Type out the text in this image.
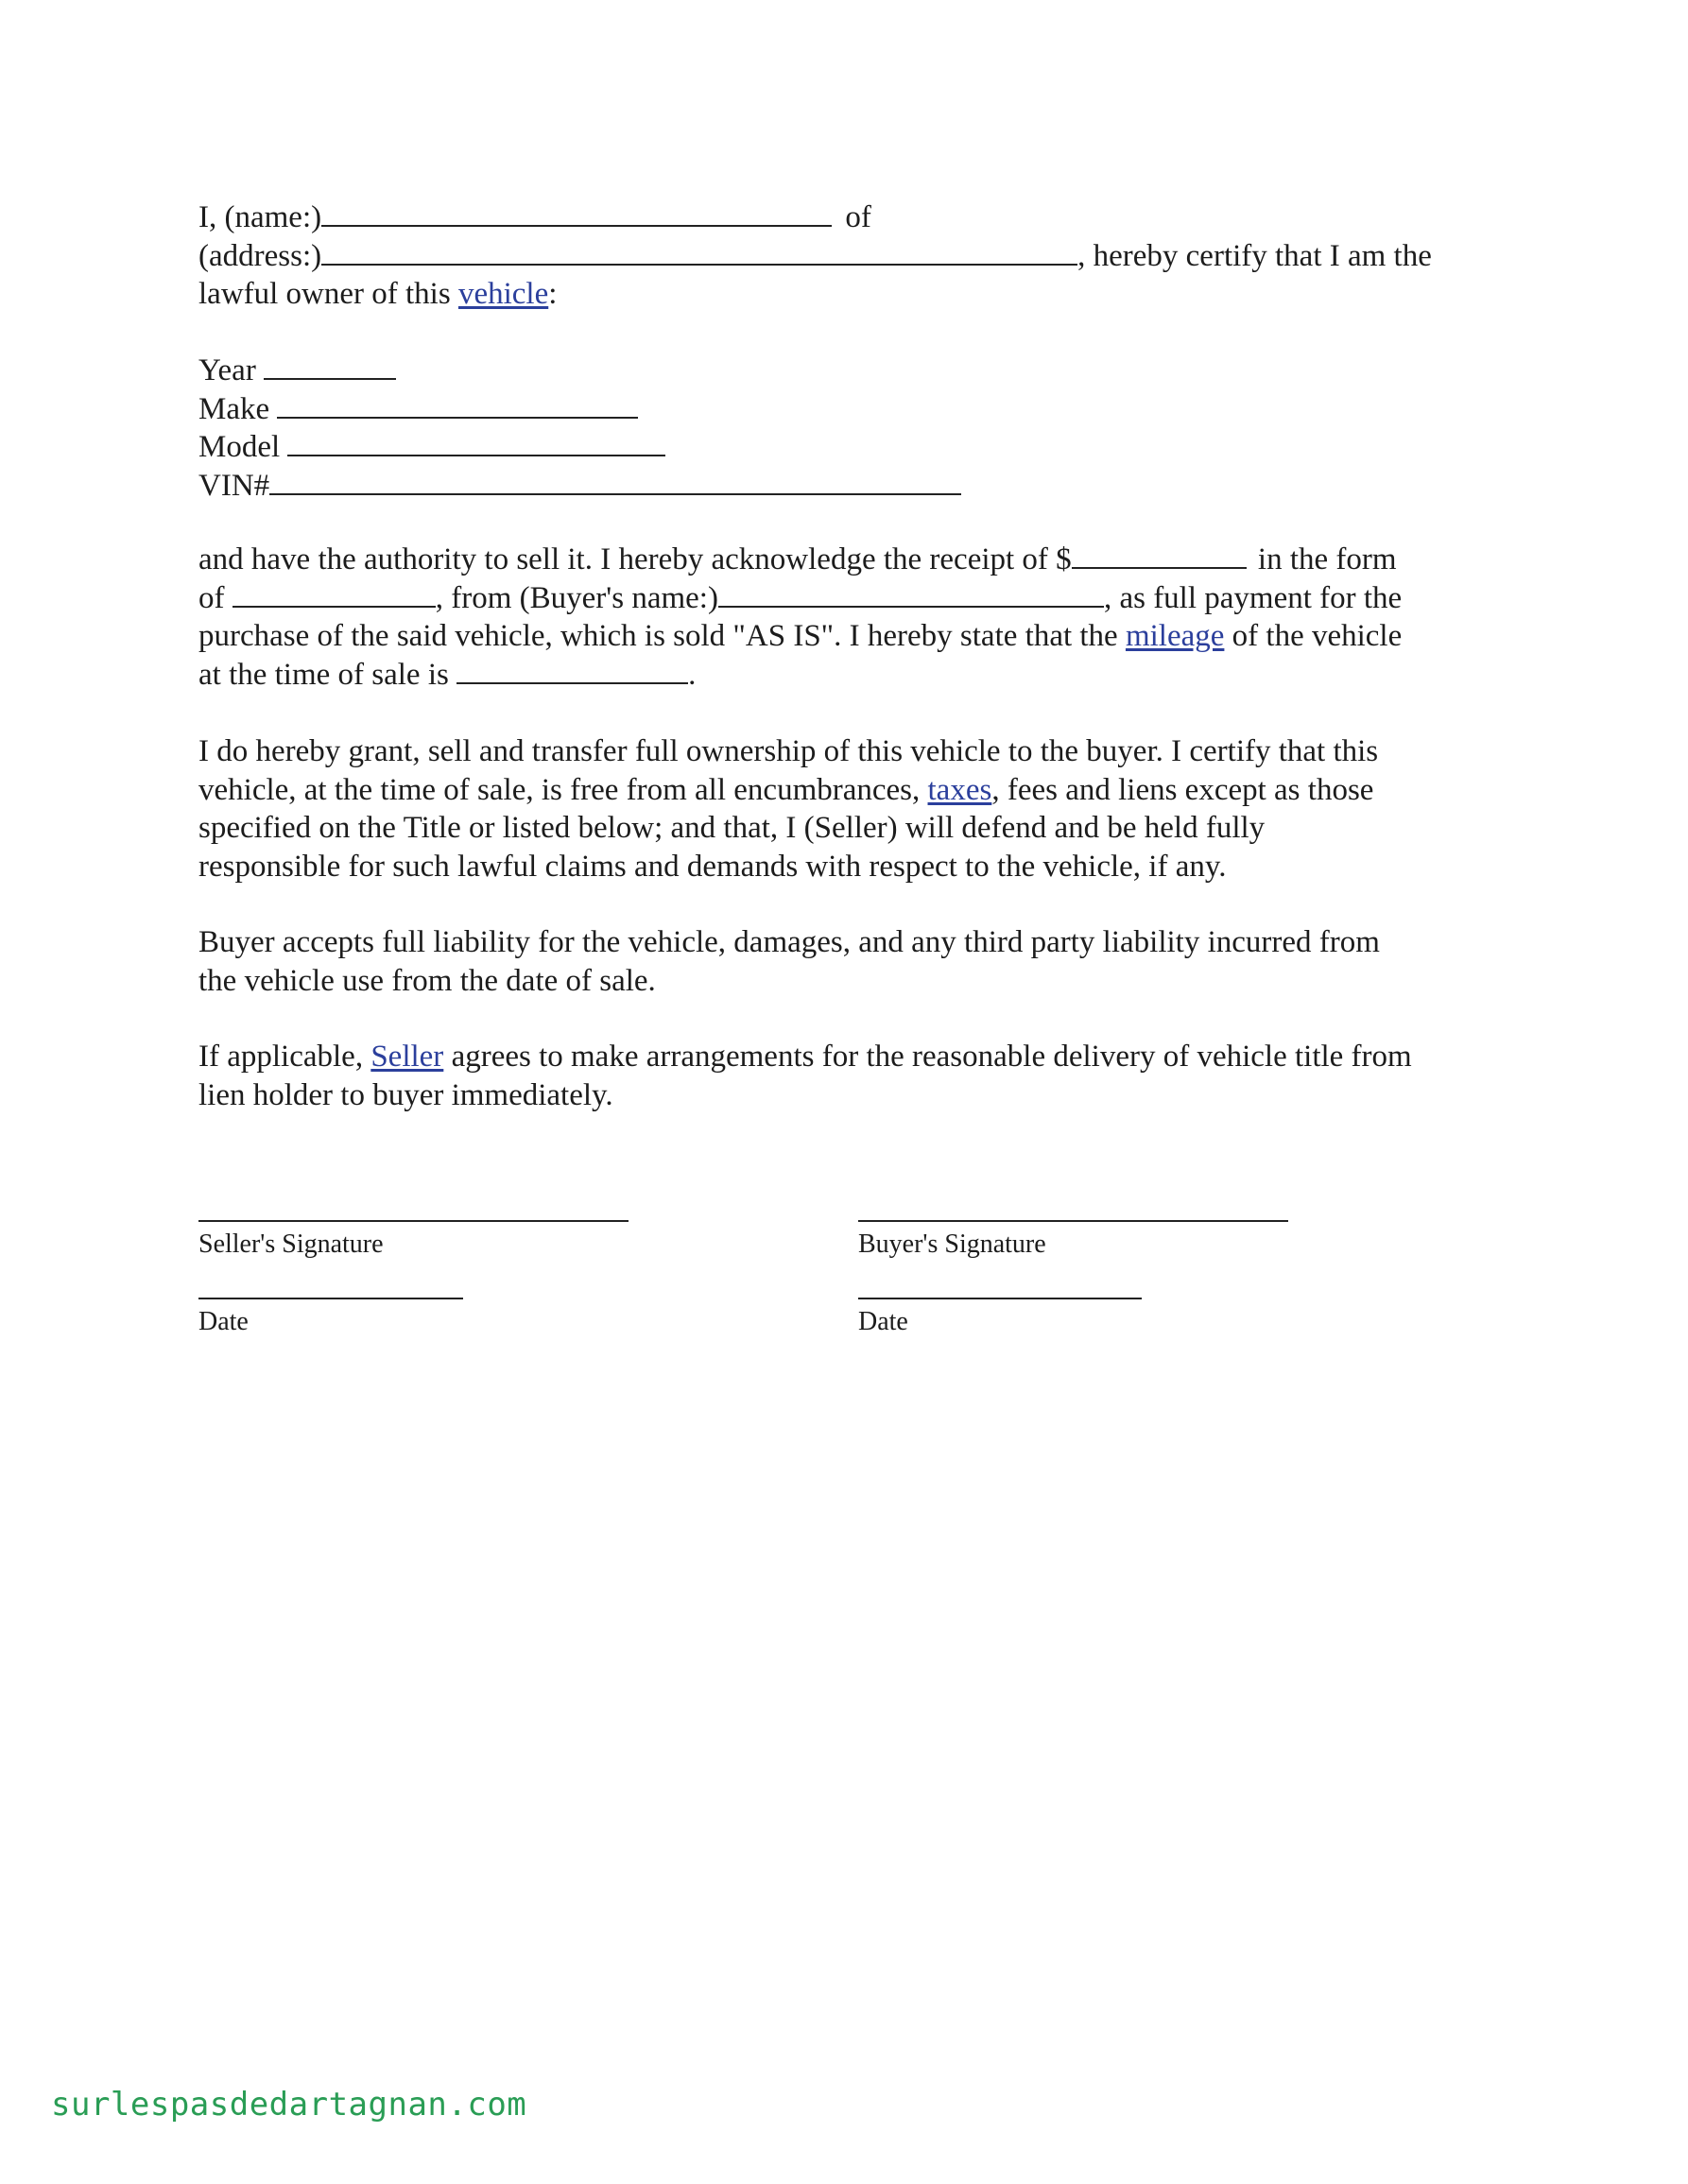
I, (name:)	of
(address:)	, hereby certify that I am the
lawful owner of this vehicle:
Year
Make
Model
VIN#
and have the authority to sell it. I hereby acknowledge the receipt of $	in the form
of	, from (Buyer's name:)	, as full payment for the
purchase of the said vehicle, which is sold "AS IS". I hereby state that the mileage of the vehicle
at the time of sale is	.
I do hereby grant, sell and transfer full ownership of this vehicle to the buyer. I certify that this
vehicle, at the time of sale, is free from all encumbrances, taxes, fees and liens except as those
specified on the Title or listed below; and that, I (Seller) will defend and be held fully
responsible for such lawful claims and demands with respect to the vehicle, if any.
Buyer accepts full liability for the vehicle, damages, and any third party liability incurred from
the vehicle use from the date of sale.
If applicable, Seller agrees to make arrangements for the reasonable delivery of vehicle title from
lien holder to buyer immediately.
Seller's Signature	Buyer's Signature
Date	Date
surlespasdedartagnan.com
